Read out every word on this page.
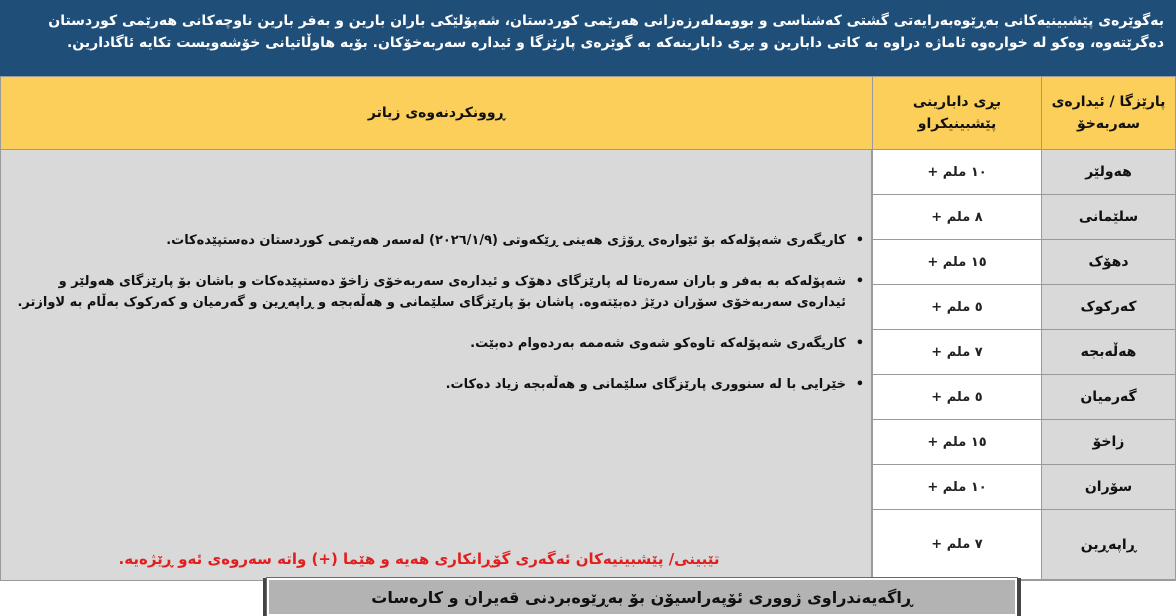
بەگوێرەی پێشبینیەکانی بەڕێوەبەرایەتی گشتی کەشناسی و بوومەلەرزەزانی هەرێمی کوردستان، شەپۆلێکی باران بارین و بەفر بارین ناوچەکانی هەرێمی کوردستان دەگرێتەوە، وەکو لە خوارەوە ئاماژە دراوە بە کاتی دابارین و بڕی دابارینەکە بە گوێرەی پارێزگا و ئیدارە سەربەخۆکان. بۆیە هاوڵاتیانی خۆشەویست تکایە ئاگادارین.
پارێزگا / ئیدارەی سەربەخۆ
بڕی دابارینی پێشبینیکراو
ڕوونکردنەوەی زیاتر
هەولێر
١٠ ملم +
سلێمانی
٨ ملم +
دهۆک
١٥ ملم +
کەرکوک
٥ ملم +
هەڵەبجە
٧ ملم +
گەرمیان
٥ ملم +
زاخۆ
١٥ ملم +
سۆران
١٠ ملم +
ڕاپەڕین
٧ ملم +
•
کاریگەری شەپۆلەکە بۆ ئێوارەی ڕۆژی هەینی ڕێکەوتی (٢٠٢٦/١/٩) لەسەر هەرێمی کوردستان دەستپێدەکات.
•
شەپۆلەکە بە بەفر و باران سەرەتا لە پارێزگای دهۆک و ئیدارەی سەربەخۆی زاخۆ دەستپێدەکات و باشان بۆ پارێزگای هەولێر و ئیدارەی سەربەخۆی سۆران درێژ دەبێتەوە. پاشان بۆ پارێزگای سلێمانی و هەڵەبجە و ڕاپەڕین و گەرمیان و کەرکوک بەڵام بە لاوازتر.
•
کاریگەری شەپۆلەکە تاوەکو شەوی شەممە بەردەوام دەبێت.
•
خێرایی با لە سنووری پارێزگای سلێمانی و هەڵەبجە زیاد دەکات.
تێبینی/ پێشبینیەکان ئەگەری گۆڕانکاری هەیە و هێما (+) واتە سەروەی ئەو ڕێژەیە.
ڕاگەیەندراوی ژووری ئۆپەراسیۆن بۆ بەڕێوەبردنی قەیران و کارەسات
